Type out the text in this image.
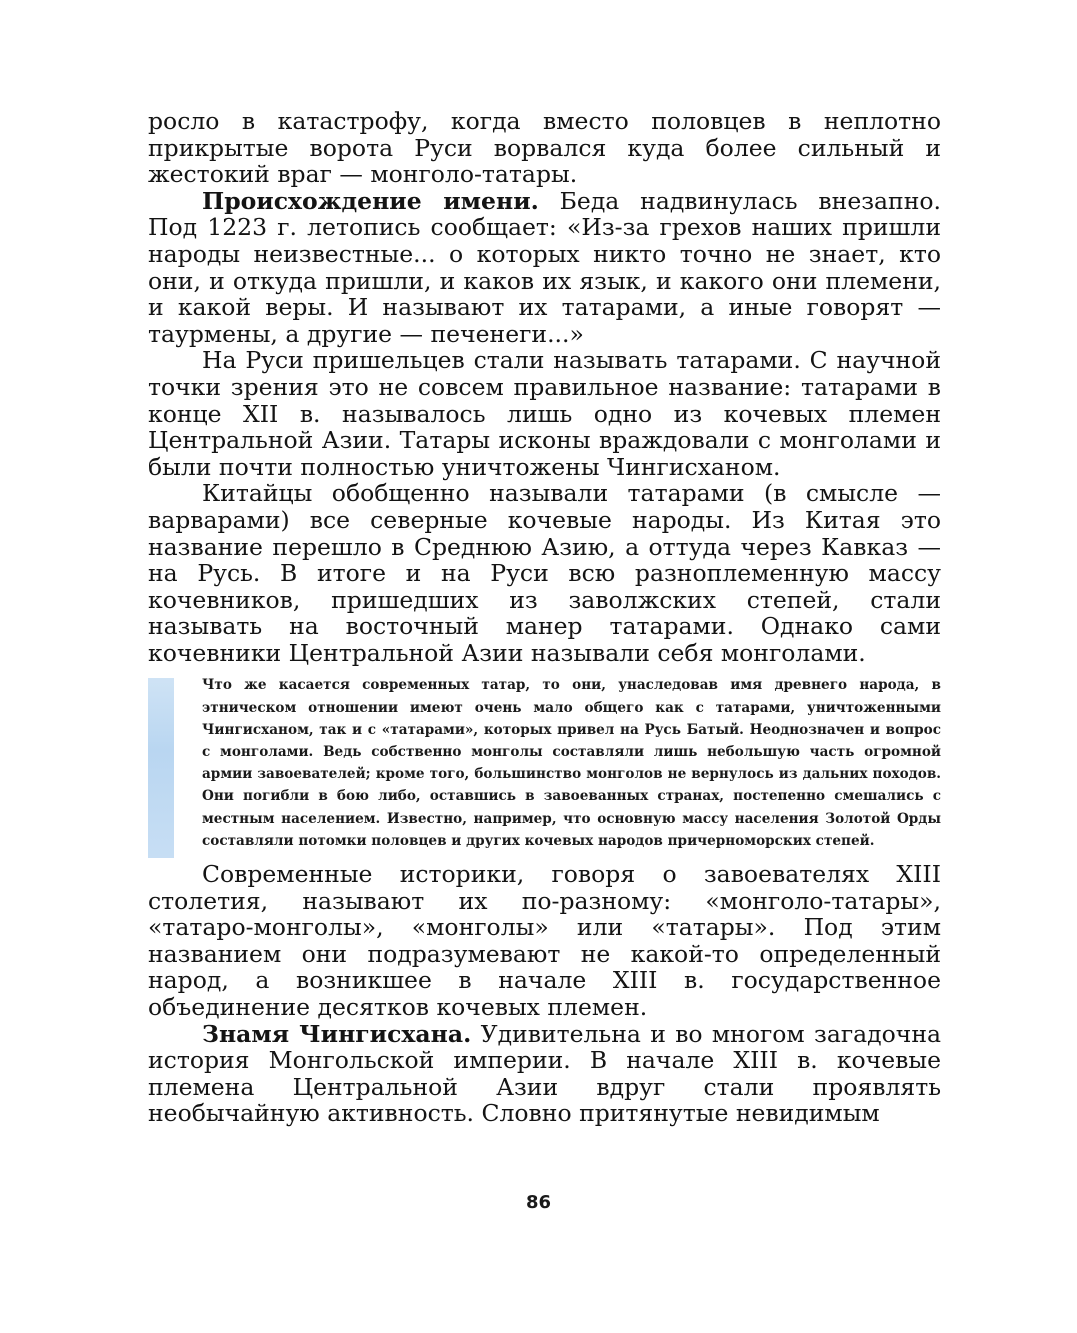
росло в катастрофу, когда вместо половцев в неплотно прикрытые ворота Руси ворвался куда более сильный и жестокий враг — монголо-татары.

Происхождение имени. Беда надвинулась внезапно. Под 1223 г. летопись сообщает: «Из-за грехов наших пришли народы неизвестные... о которых никто точно не знает, кто они, и откуда пришли, и каков их язык, и какого они племени, и какой веры. И называют их татарами, а иные говорят — таурмены, а другие — печенеги...»

На Руси пришельцев стали называть татарами. С научной точки зрения это не совсем правильное название: татарами в конце XII в. называлось лишь одно из кочевых племен Центральной Азии. Татары исконы враждовали с монголами и были почти полностью уничтожены Чингисханом.

Китайцы обобщенно называли татарами (в смысле — варварами) все северные кочевые народы. Из Китая это название перешло в Среднюю Азию, а оттуда через Кавказ — на Русь. В итоге и на Руси всю разноплеменную массу кочевников, пришедших из заволжских степей, стали называть на восточный манер татарами. Однако сами кочевники Центральной Азии называли себя монголами.

Что же касается современных татар, то они, унаследовав имя древнего народа, в этническом отношении имеют очень мало общего как с татарами, уничтоженными Чингисханом, так и с «татарами», которых привел на Русь Батый. Неоднозначен и вопрос с монголами. Ведь собственно монголы составляли лишь небольшую часть огромной армии завоевателей; кроме того, большинство монголов не вернулось из дальних походов. Они погибли в бою либо, оставшись в завоеванных странах, постепенно смешались с местным населением. Известно, например, что основную массу населения Золотой Орды составляли потомки половцев и других кочевых народов причерноморских степей.

Современные историки, говоря о завоевателях XIII столетия, называют их по-разному: «монголо-татары», «татаро-монголы», «монголы» или «татары». Под этим названием они подразумевают не какой-то определенный народ, а возникшее в начале XIII в. государственное объединение десятков кочевых племен.

Знамя Чингисхана. Удивительна и во многом загадочна история Монгольской империи. В начале XIII в. кочевые племена Центральной Азии вдруг стали проявлять необычайную активность. Словно притянутые невидимым

86
